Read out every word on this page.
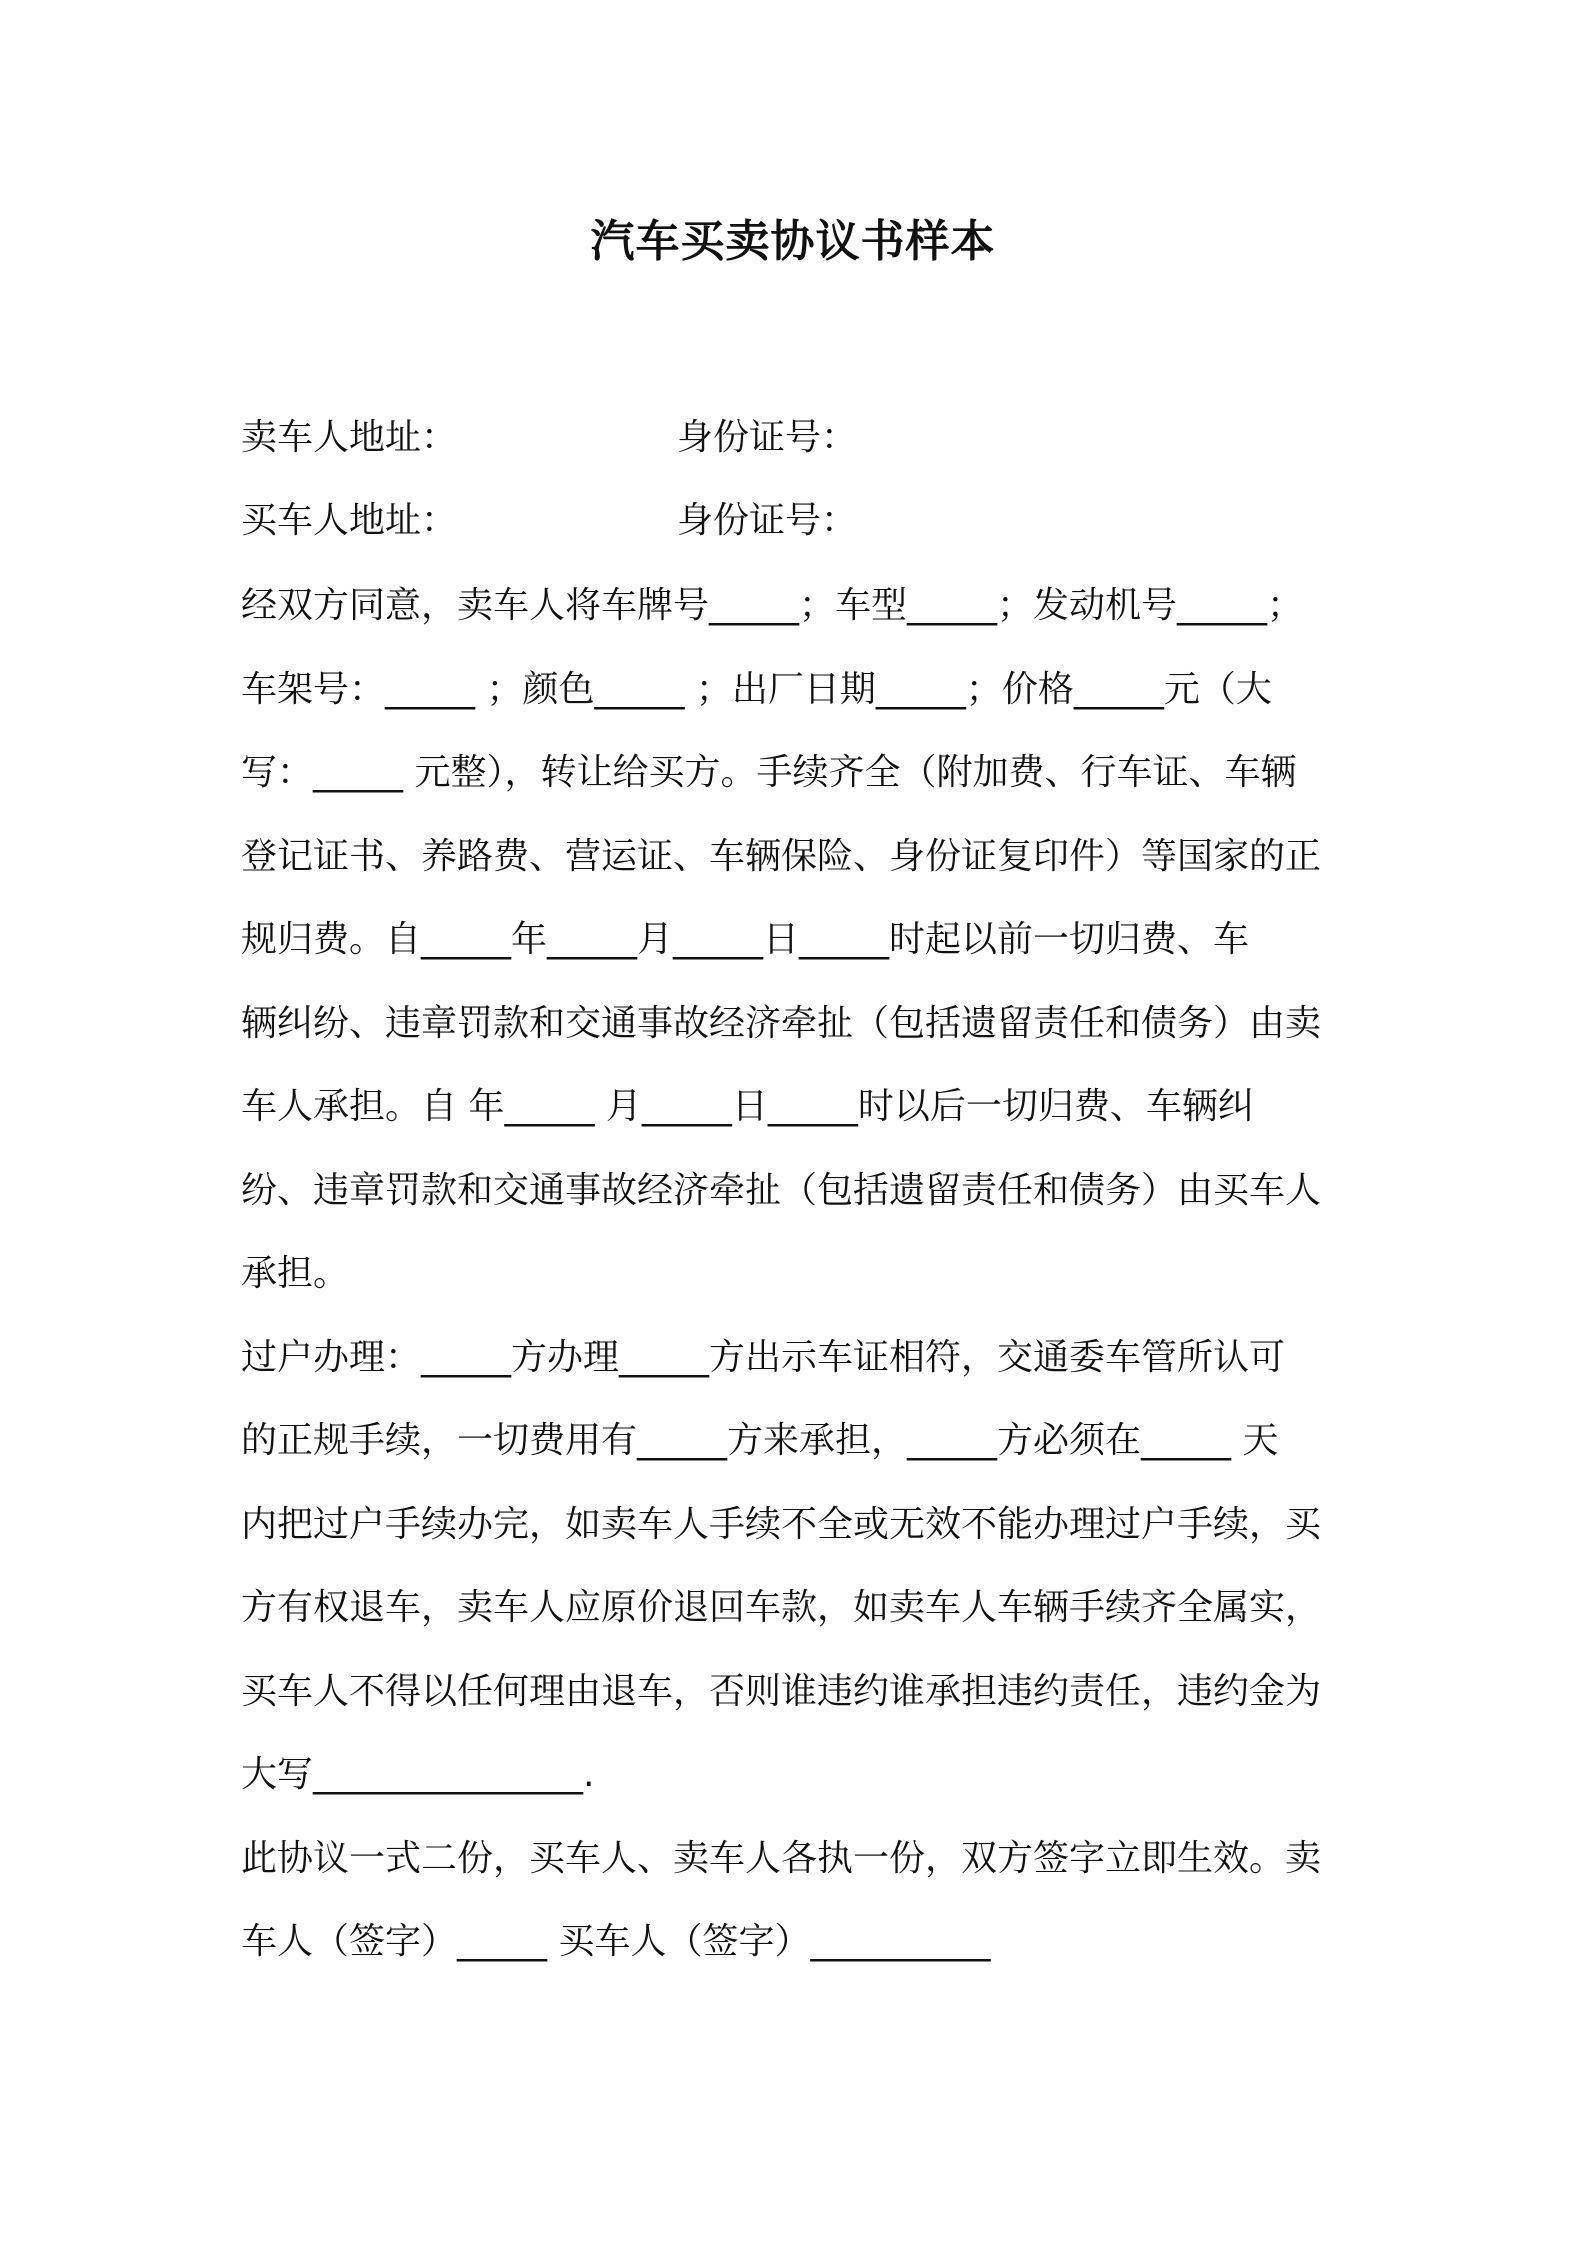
汽车买卖协议书样本
卖车人地址：	身份证号：
买车人地址：	身份证号：
经双方同意，卖车人将车牌号_____；车型_____；发动机号_____；
车架号：_____ ；颜色_____ ；出厂日期_____；价格_____元（大
写：_____ 元整），转让给买方。手续齐全（附加费、行车证、车辆
登记证书、养路费、营运证、车辆保险、身份证复印件）等国家的正
规归费。自_____年_____月_____日_____时起以前一切归费、车
辆纠纷、违章罚款和交通事故经济牵扯（包括遗留责任和债务）由卖
车人承担。自 年_____ 月_____日_____时以后一切归费、车辆纠
纷、违章罚款和交通事故经济牵扯（包括遗留责任和债务）由买车人
承担。
过户办理：_____方办理_____方出示车证相符，交通委车管所认可
的正规手续，一切费用有_____方来承担，_____方必须在_____ 天
内把过户手续办完，如卖车人手续不全或无效不能办理过户手续，买
方有权退车，卖车人应原价退回车款，如卖车人车辆手续齐全属实，
买车人不得以任何理由退车，否则谁违约谁承担违约责任，违约金为
大写_______________.
此协议一式二份，买车人、卖车人各执一份，双方签字立即生效。卖
车人（签字）_____ 买车人（签字）__________
